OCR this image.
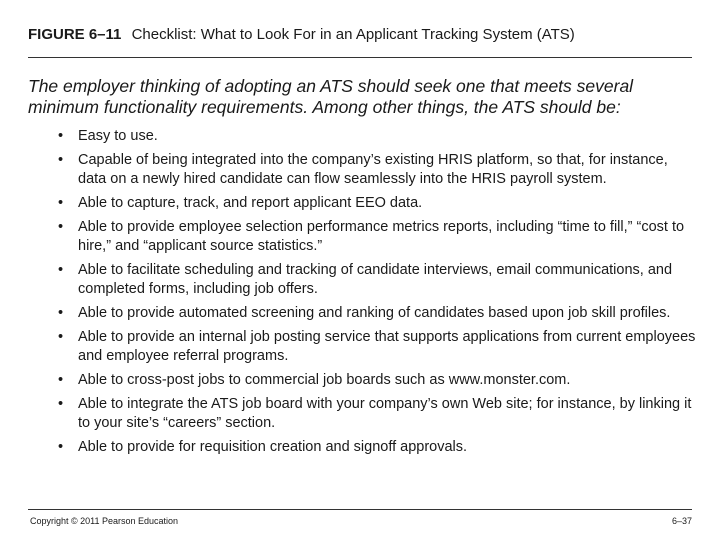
FIGURE 6–11 Checklist: What to Look For in an Applicant Tracking System (ATS)
The employer thinking of adopting an ATS should seek one that meets several minimum functionality requirements. Among other things, the ATS should be:
• Easy to use.
• Capable of being integrated into the company’s existing HRIS platform, so that, for instance, data on a newly hired candidate can flow seamlessly into the HRIS payroll system.
• Able to capture, track, and report applicant EEO data.
• Able to provide employee selection performance metrics reports, including “time to fill,” “cost to hire,” and “applicant source statistics.”
• Able to facilitate scheduling and tracking of candidate interviews, email communications, and completed forms, including job offers.
• Able to provide automated screening and ranking of candidates based upon job skill profiles.
• Able to provide an internal job posting service that supports applications from current employees and employee referral programs.
• Able to cross-post jobs to commercial job boards such as www.monster.com.
• Able to integrate the ATS job board with your company’s own Web site; for instance, by linking it to your site’s “careers” section.
• Able to provide for requisition creation and signoff approvals.
Copyright © 2011 Pearson Education	6–37
